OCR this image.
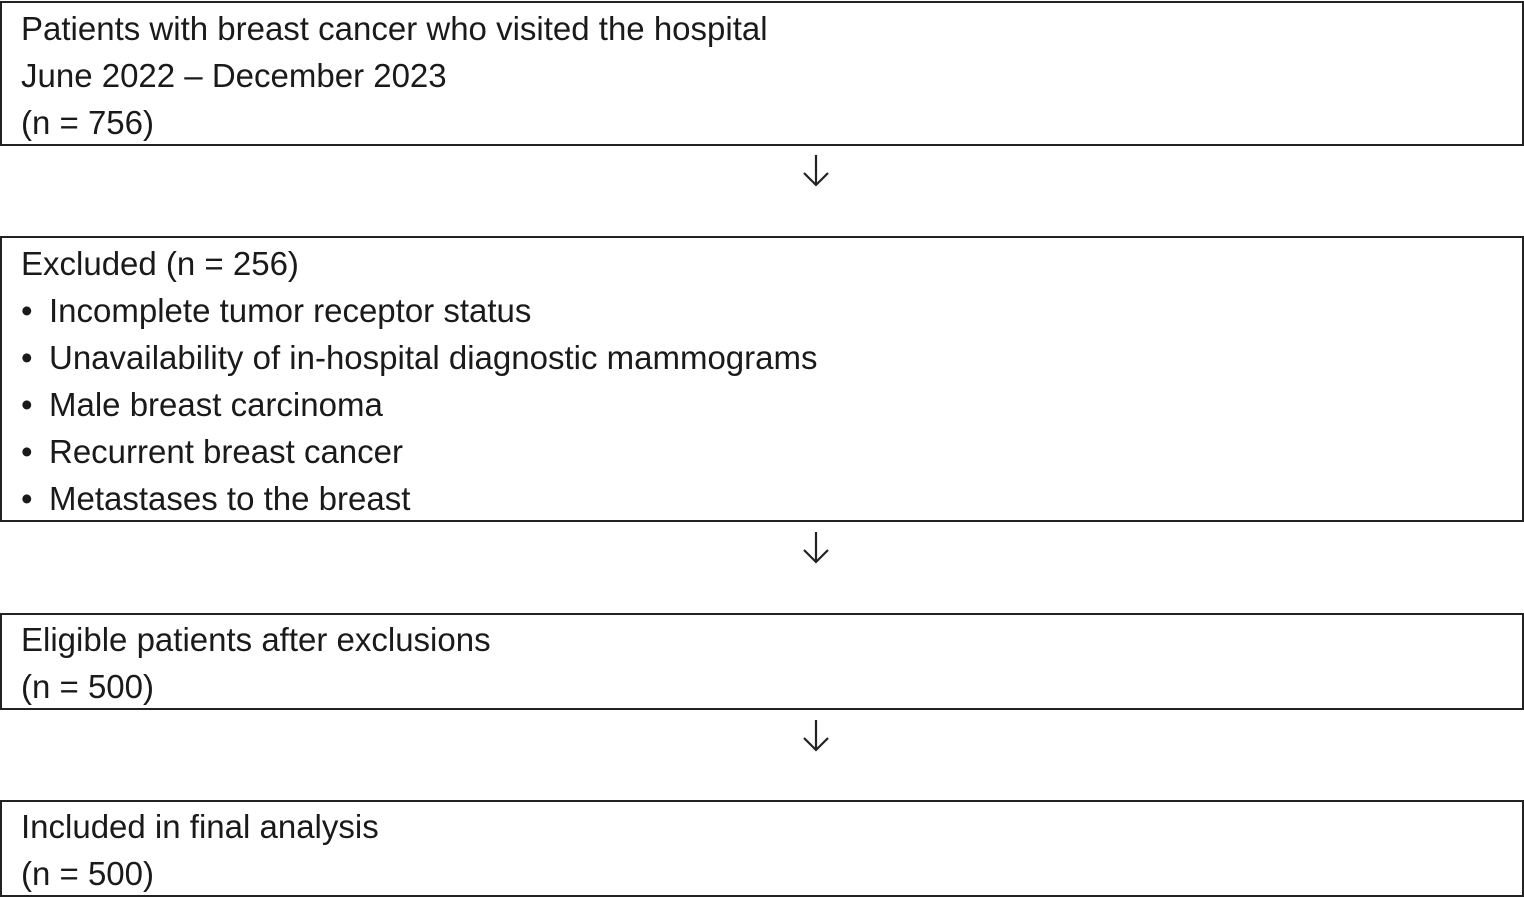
Patients with breast cancer who visited the hospital
June 2022 – December 2023
(n = 756)
Excluded (n = 256)
• Incomplete tumor receptor status
• Unavailability of in-hospital diagnostic mammograms
• Male breast carcinoma
• Recurrent breast cancer
• Metastases to the breast
Eligible patients after exclusions
(n = 500)
Included in final analysis
(n = 500)
